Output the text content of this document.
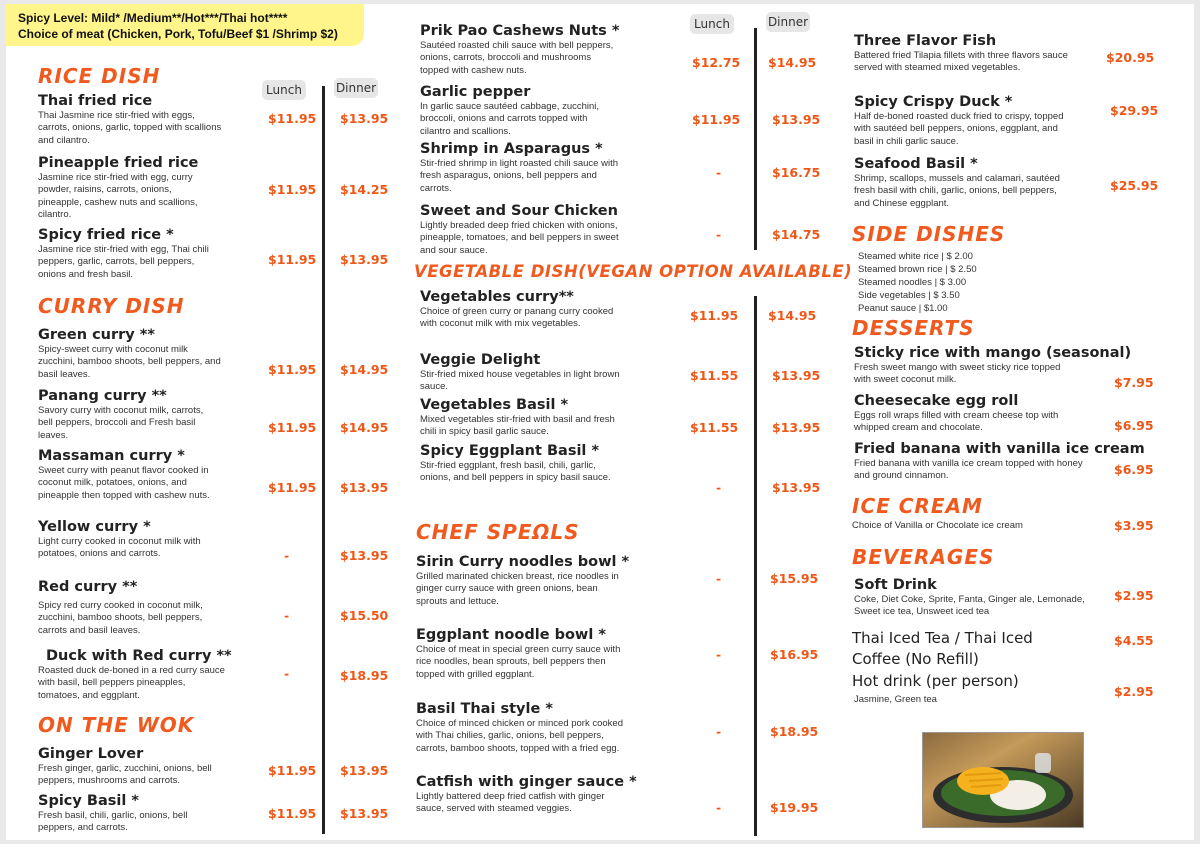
Spicy Level: Mild* /Medium**/Hot***/Thai hot****
Choice of meat (Chicken, Pork, Tofu/Beef $1 /Shrimp $2)
RICE DISH
Lunch	Dinner
Thai fried rice
Thai Jasmine rice stir-fried with eggs, carrots, onions, garlic, topped with scallions and cilantro.
$11.95 $13.95
Pineapple fried rice
Jasmine rice stir-fried with egg, curry powder, raisins, carrots, onions, pineapple, cashew nuts and scallions, cilantro.
$11.95 $14.25
Spicy fried rice *
Jasmine rice stir-fried with egg, Thai chili peppers, garlic, carrots, bell peppers, onions and fresh basil.
$11.95 $13.95
CURRY DISH
Green curry **
Spicy-sweet curry with coconut milk zucchini, bamboo shoots, bell peppers, and basil leaves.	$11.95 $14.95
Panang curry **
Savory curry with coconut milk, carrots, bell peppers, broccoli and Fresh basil leaves.
$11.95 $14.95
Massaman curry *
Sweet curry with peanut flavor cooked in coconut milk, potatoes, onions, and pineapple then topped with cashew nuts.
$11.95 $13.95
Yellow curry *
Light curry cooked in coconut milk with potatoes, onions and carrots.	-	$13.95
Red curry **
Spicy red curry cooked in coconut milk, zucchini, bamboo shoots, bell peppers, carrots and basil leaves.
-	$15.50
Duck with Red curry **
Roasted duck de-boned in a red curry sauce with basil, bell peppers pineapples, tomatoes, and eggplant.
-	$18.95
ON THE WOK
Ginger Lover
Fresh ginger, garlic, zucchini, onions, bell peppers, mushrooms and carrots.
$11.95 $13.95
Spicy Basil *
Fresh basil, chili, garlic, onions, bell peppers, and carrots.
$11.95 $13.95
Lunch	Dinner
Prik Pao Cashews Nuts *
Sautéed roasted chili sauce with bell peppers, onions, carrots, broccoli and mushrooms topped with cashew nuts.
$12.75 $14.95
Garlic pepper
In garlic sauce sautéed cabbage, zucchini, broccoli, onions and carrots topped with cilantro and scallions.
$11.95	$13.95
Shrimp in Asparagus *
Stir-fried shrimp in light roasted chili sauce with fresh asparagus, onions, bell peppers and carrots.
-	$16.75
Sweet and Sour Chicken
Lightly breaded deep fried chicken with onions, pineapple, tomatoes, and bell peppers in sweet and sour sauce.
-	$14.75
VEGETABLE DISH(VEGAN OPTION AVAILABLE)
Vegetables curry**
Choice of green curry or panang curry cooked with coconut milk with mix vegetables.
$11.95 $14.95
Veggie Delight
Stir-fried mixed house vegetables in light brown sauce.
$11.55	$13.95
Vegetables Basil *
Mixed vegetables stir-fried with basil and fresh chili in spicy basil garlic sauce.	$11.55	$13.95
Spicy Eggplant Basil *
Stir-fried eggplant, fresh basil, chili, garlic, onions, and bell peppers in spicy basil sauce.
-	$13.95
CHEF SPEΩLS
Sirin Curry noodles bowl *
Grilled marinated chicken breast, rice noodles in ginger curry sauce with green onions, bean sprouts and lettuce.
-	$15.95
Eggplant noodle bowl *
Choice of meat in special green curry sauce with rice noodles, bean sprouts, bell peppers then topped with grilled eggplant.
-	$16.95
Basil Thai style *
Choice of minced chicken or minced pork cooked with Thai chilies, garlic, onions, bell peppers, carrots, bamboo shoots, topped with a fried egg.
-	$18.95
Catfish with ginger sauce *
Lightly battered deep fried catfish with ginger sauce, served with steamed veggies.	-	$19.95
Three Flavor Fish
Battered fried Tilapia fillets with three flavors sauce served with steamed mixed vegetables.
$20.95
Spicy Crispy Duck *
Half de-boned roasted duck fried to crispy, topped with sautéed bell peppers, onions, eggplant, and basil in chili garlic sauce.
$29.95
Seafood Basil *
Shrimp, scallops, mussels and calamari, sautéed fresh basil with chili, garlic, onions, bell peppers, and Chinese eggplant.
$25.95
SIDE DISHES
Steamed white rice | $ 2.00
Steamed brown rice | $ 2.50
Steamed noodles | $ 3.00
Side vegetables | $ 3.50
Peanut sauce | $1.00
DESSERTS
Sticky rice with mango (seasonal)
Fresh sweet mango with sweet sticky rice topped with sweet coconut milk.	$7.95
Cheesecake egg roll
Eggs roll wraps filled with cream cheese top with whipped cream and chocolate.	$6.95
Fried banana with vanilla ice cream
Fried banana with vanilla ice cream topped with honey and ground cinnamon.	$6.95
ICE CREAM
Choice of Vanilla or Chocolate ice cream	$3.95
BEVERAGES
Soft Drink
Coke, Diet Coke, Sprite, Fanta, Ginger ale, Lemonade, Sweet ice tea, Unsweet iced tea
$2.95
Thai Iced Tea / Thai Iced
Coffee (No Refill)
$4.55
Hot drink (per person)
Jasmine, Green tea
$2.95
